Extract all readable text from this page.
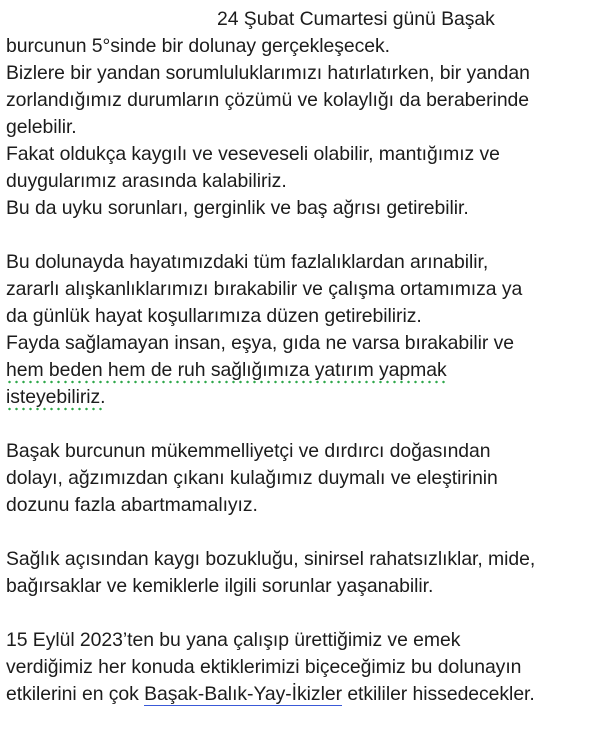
24 Şubat Cumartesi günü Başak
burcunun 5°sinde bir dolunay gerçekleşecek.
Bizlere bir yandan sorumluluklarımızı hatırlatırken, bir yandan
zorlandığımız durumların çözümü ve kolaylığı da beraberinde
gelebilir.
Fakat oldukça kaygılı ve veseveseli olabilir, mantığımız ve
duygularımız arasında kalabiliriz.
Bu da uyku sorunları, gerginlik ve baş ağrısı getirebilir.
Bu dolunayda hayatımızdaki tüm fazlalıklardan arınabilir,
zararlı alışkanlıklarımızı bırakabilir ve çalışma ortamımıza ya
da günlük hayat koşullarımıza düzen getirebiliriz.
Fayda sağlamayan insan, eşya, gıda ne varsa bırakabilir ve
hem beden hem de ruh sağlığımıza yatırım yapmak
isteyebiliriz.
Başak burcunun mükemmelliyetçi ve dırdırcı doğasından
dolayı, ağzımızdan çıkanı kulağımız duymalı ve eleştirinin
dozunu fazla abartmamalıyız.
Sağlık açısından kaygı bozukluğu, sinirsel rahatsızlıklar, mide,
bağırsaklar ve kemiklerle ilgili sorunlar yaşanabilir.
15 Eylül 2023’ten bu yana çalışıp ürettiğimiz ve emek
verdiğimiz her konuda ektiklerimizi biçeceğimiz bu dolunayın
etkilerini en çok Başak-Balık-Yay-İkizler etkililer hissedecekler.
